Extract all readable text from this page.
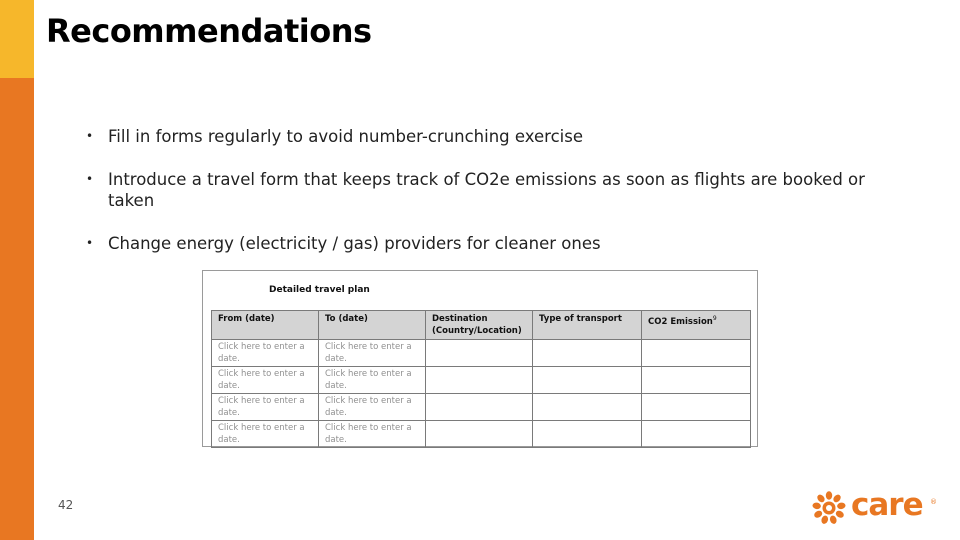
Recommendations
• Fill in forms regularly to avoid number-crunching exercise
• Introduce a travel form that keeps track of CO2e emissions as soon as flights are booked or taken
• Change energy (electricity / gas) providers for cleaner ones
Detailed travel plan
From (date)	To (date)	Destination (Country/Location)	Type of transport	CO2 Emission$^9$
Click here to enter a date.	Click here to enter a date.			
Click here to enter a date.	Click here to enter a date.			
Click here to enter a date.	Click here to enter a date.			
Click here to enter a date.	Click here to enter a date.			
42	care ®
